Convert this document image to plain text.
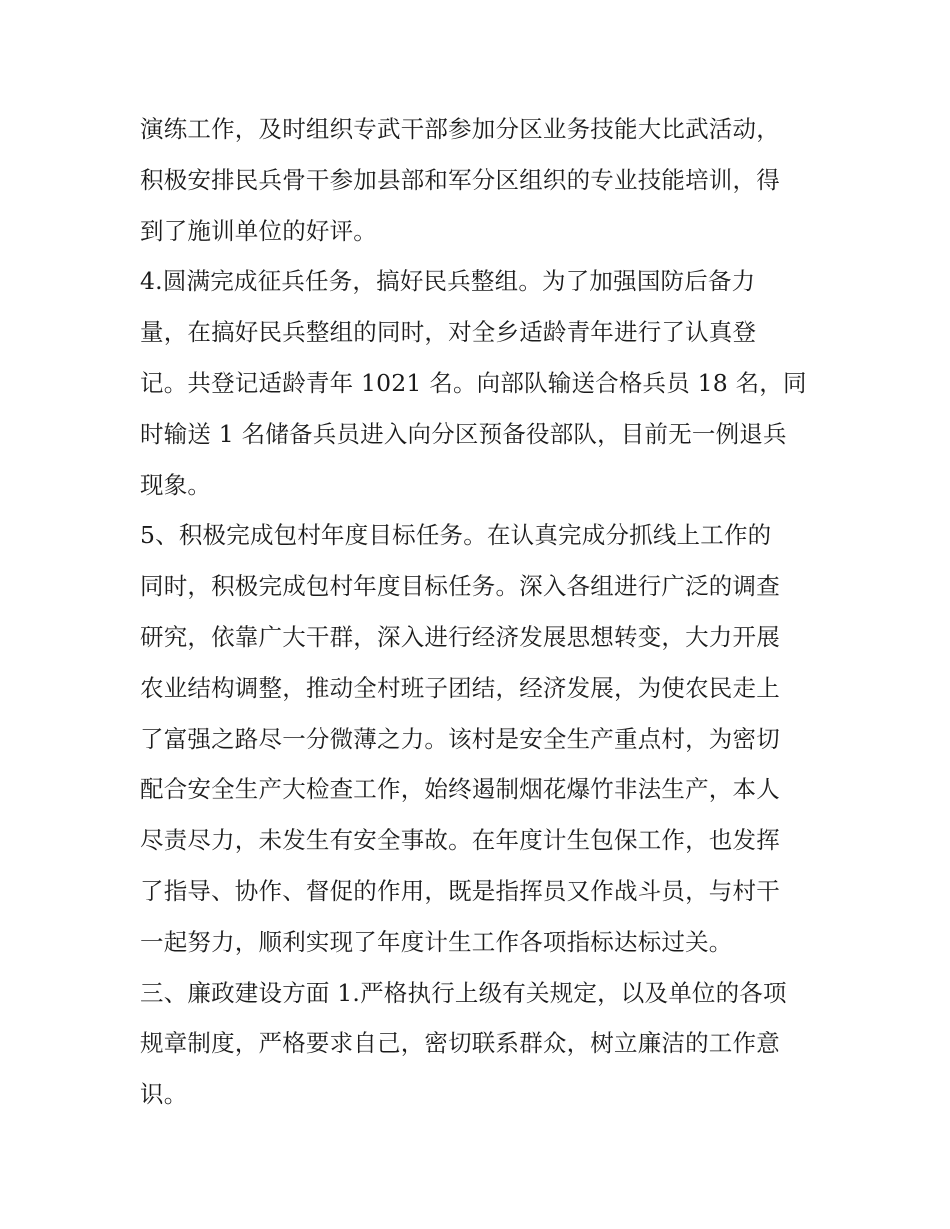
演练工作，及时组织专武干部参加分区业务技能大比武活动，
积极安排民兵骨干参加县部和军分区组织的专业技能培训，得
到了施训单位的好评。
4.圆满完成征兵任务，搞好民兵整组。为了加强国防后备力
量，在搞好民兵整组的同时，对全乡适龄青年进行了认真登
记。共登记适龄青年 1021 名。向部队输送合格兵员 18 名，同
时输送 1 名储备兵员进入向分区预备役部队，目前无一例退兵
现象。
5、积极完成包村年度目标任务。在认真完成分抓线上工作的
同时，积极完成包村年度目标任务。深入各组进行广泛的调查
研究，依靠广大干群，深入进行经济发展思想转变，大力开展
农业结构调整，推动全村班子团结，经济发展，为使农民走上
了富强之路尽一分微薄之力。该村是安全生产重点村，为密切
配合安全生产大检查工作，始终遏制烟花爆竹非法生产，本人
尽责尽力，未发生有安全事故。在年度计生包保工作，也发挥
了指导、协作、督促的作用，既是指挥员又作战斗员，与村干
一起努力，顺利实现了年度计生工作各项指标达标过关。
三、廉政建设方面 1.严格执行上级有关规定，以及单位的各项
规章制度，严格要求自己，密切联系群众，树立廉洁的工作意
识。
